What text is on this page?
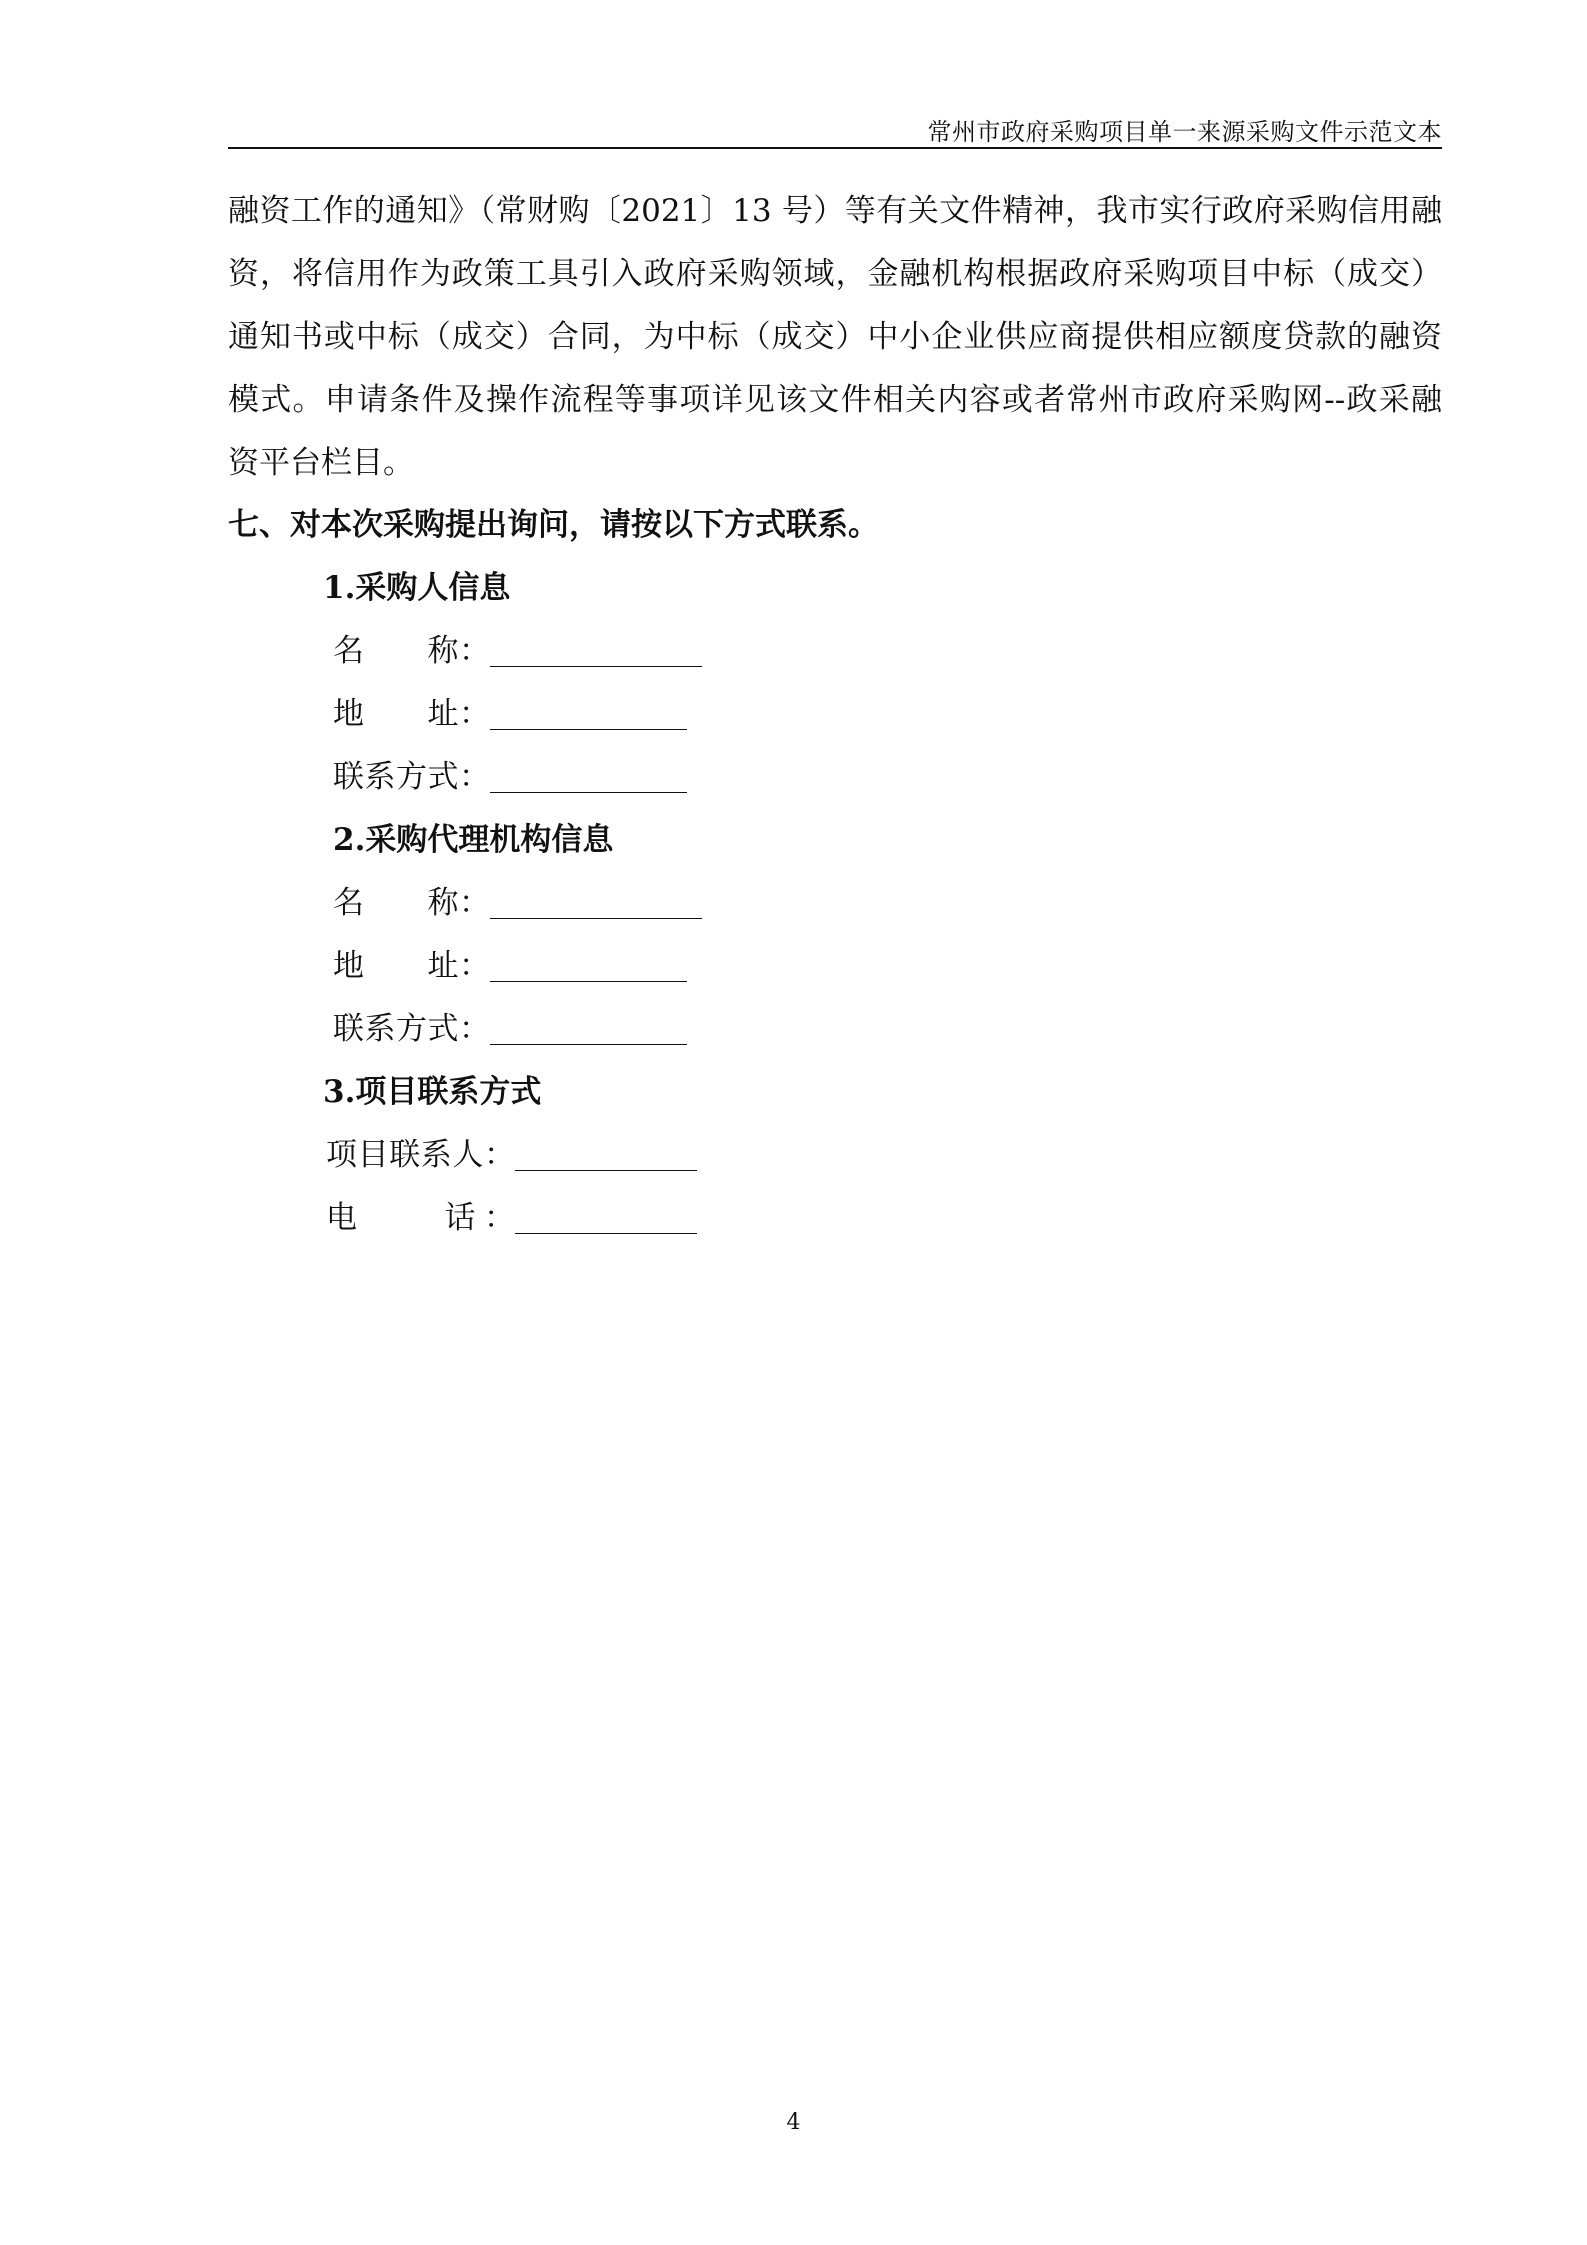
常州市政府采购项目单一来源采购文件示范文本
融资工作的通知》（常财购〔2021〕13 号）等有关文件精神，我市实行政府采购信用融
资，将信用作为政策工具引入政府采购领域，金融机构根据政府采购项目中标（成交）
通知书或中标（成交）合同，为中标（成交）中小企业供应商提供相应额度贷款的融资
模式。申请条件及操作流程等事项详见该文件相关内容或者常州市政府采购网--政采融
资平台栏目。
七、对本次采购提出询问，请按以下方式联系。
1.采购人信息
名　　称：
地　　址：
联系方式：
2.采购代理机构信息
名　　称：
地　　址：
联系方式：
3.项目联系方式
项目联系人：
电　　话：
4
